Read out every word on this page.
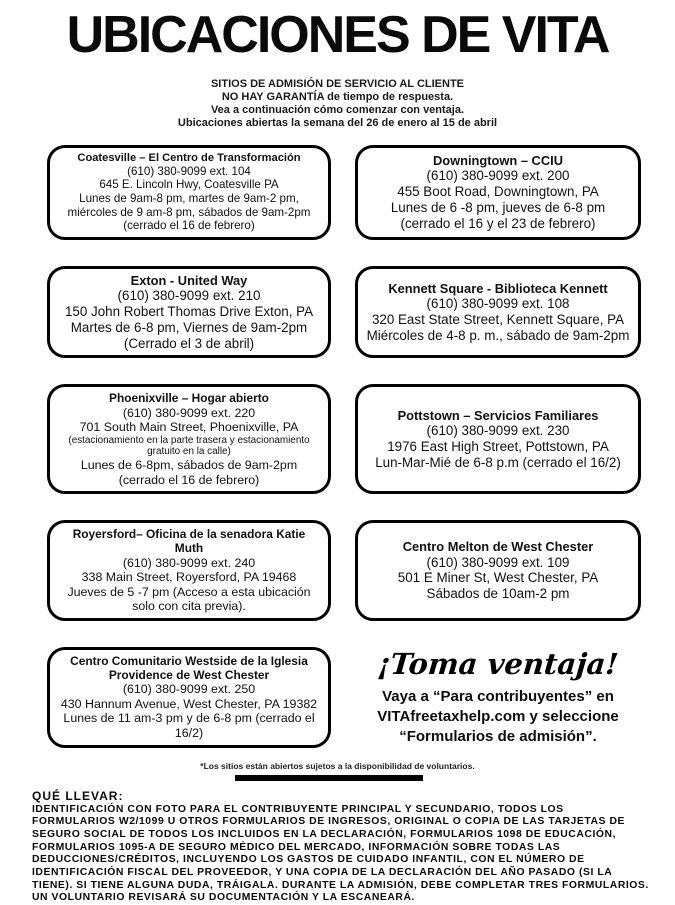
UBICACIONES DE VITA
SITIOS DE ADMISIÓN DE SERVICIO AL CLIENTE
NO HAY GARANTÍA de tiempo de respuesta.
Vea a continuación cómo comenzar con ventaja.
Ubicaciones abiertas la semana del 26 de enero al 15 de abril
Coatesville – El Centro de Transformación
(610) 380-9099 ext. 104
645 E. Lincoln Hwy, Coatesville PA
Lunes de 9am-8 pm, martes de 9am-2 pm, miércoles de 9 am-8 pm, sábados de 9am-2pm
(cerrado el 16 de febrero)
Downingtown – CCIU
(610) 380-9099 ext. 200
455 Boot Road, Downingtown, PA
Lunes de 6 -8 pm, jueves de 6-8 pm
(cerrado el 16 y el 23 de febrero)
Exton - United Way
(610) 380-9099 ext. 210
150 John Robert Thomas Drive Exton, PA
Martes de 6-8 pm, Viernes de 9am-2pm
(Cerrado el 3 de abril)
Kennett Square - Biblioteca Kennett
(610) 380-9099 ext. 108
320 East State Street, Kennett Square, PA
Miércoles de 4-8 p. m., sábado de 9am-2pm
Phoenixville – Hogar abierto
(610) 380-9099 ext. 220
701 South Main Street, Phoenixville, PA
(estacionamiento en la parte trasera y estacionamiento gratuito en la calle)
Lunes de 6-8pm, sábados de 9am-2pm (cerrado el 16 de febrero)
Pottstown – Servicios Familiares
(610) 380-9099 ext. 230
1976 East High Street, Pottstown, PA
Lun-Mar-Mié de 6-8 p.m (cerrado el 16/2)
Royersford– Oficina de la senadora Katie Muth
(610) 380-9099 ext. 240
338 Main Street, Royersford, PA 19468
Jueves de 5 -7 pm (Acceso a esta ubicación solo con cita previa).
Centro Melton de West Chester
(610) 380-9099 ext. 109
501 E Miner St, West Chester, PA
Sábados de 10am-2 pm
Centro Comunitario Westside de la Iglesia Providence de West Chester
(610) 380-9099 ext. 250
430 Hannum Avenue, West Chester, PA 19382
Lunes de 11 am-3 pm y de 6-8 pm (cerrado el 16/2)
¡Toma ventaja!
Vaya a “Para contribuyentes” en
VITAfreetaxhelp.com y seleccione
“Formularios de admisión”.
*Los sitios están abiertos sujetos a la disponibilidad de voluntarios.
QUÉ LLEVAR:
IDENTIFICACIÓN CON FOTO PARA EL CONTRIBUYENTE PRINCIPAL Y SECUNDARIO, TODOS LOS FORMULARIOS W2/1099 U OTROS FORMULARIOS DE INGRESOS, ORIGINAL O COPIA DE LAS TARJETAS DE SEGURO SOCIAL DE TODOS LOS INCLUIDOS EN LA DECLARACIÓN, FORMULARIOS 1098 DE EDUCACIÓN, FORMULARIOS 1095-A DE SEGURO MÉDICO DEL MERCADO, INFORMACIÓN SOBRE TODAS LAS DEDUCCIONES/CRÉDITOS, INCLUYENDO LOS GASTOS DE CUIDADO INFANTIL, CON EL NÚMERO DE IDENTIFICACIÓN FISCAL DEL PROVEEDOR, Y UNA COPIA DE LA DECLARACIÓN DEL AÑO PASADO (SI LA TIENE). SI TIENE ALGUNA DUDA, TRÁIGALA. DURANTE LA ADMISIÓN, DEBE COMPLETAR TRES FORMULARIOS. UN VOLUNTARIO REVISARÁ SU DOCUMENTACIÓN Y LA ESCANEARÁ.
